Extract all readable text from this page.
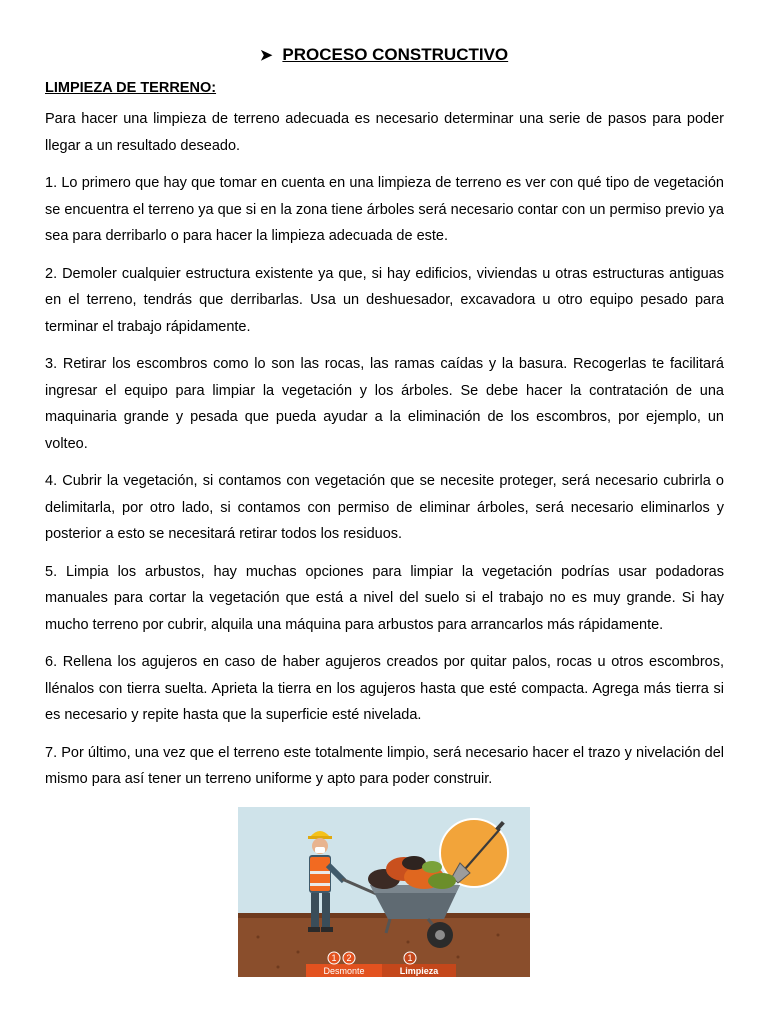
➤ PROCESO CONSTRUCTIVO
LIMPIEZA DE TERRENO:

Para hacer una limpieza de terreno adecuada es necesario determinar una serie de pasos para poder llegar a un resultado deseado.

1. Lo primero que hay que tomar en cuenta en una limpieza de terreno es ver con qué tipo de vegetación se encuentra el terreno ya que si en la zona tiene árboles será necesario contar con un permiso previo ya sea para derribarlo o para hacer la limpieza adecuada de este.

2. Demoler cualquier estructura existente ya que, si hay edificios, viviendas u otras estructuras antiguas en el terreno, tendrás que derribarlas. Usa un deshuesador, excavadora u otro equipo pesado para terminar el trabajo rápidamente.

3. Retirar los escombros como lo son las rocas, las ramas caídas y la basura. Recogerlas te facilitará ingresar el equipo para limpiar la vegetación y los árboles. Se debe hacer la contratación de una maquinaria grande y pesada que pueda ayudar a la eliminación de los escombros, por ejemplo, un volteo.

4. Cubrir la vegetación, si contamos con vegetación que se necesite proteger, será necesario cubrirla o delimitarla, por otro lado, si contamos con permiso de eliminar árboles, será necesario eliminarlos y posterior a esto se necesitará retirar todos los residuos.

5. Limpia los arbustos, hay muchas opciones para limpiar la vegetación podrías usar podadoras manuales para cortar la vegetación que está a nivel del suelo si el trabajo no es muy grande. Si hay mucho terreno por cubrir, alquila una máquina para arbustos para arrancarlos más rápidamente.

6. Rellena los agujeros en caso de haber agujeros creados por quitar palos, rocas u otros escombros, llénalos con tierra suelta. Aprieta la tierra en los agujeros hasta que esté compacta. Agrega más tierra si es necesario y repite hasta que la superficie esté nivelada.

7. Por último, una vez que el terreno este totalmente limpio, será necesario hacer el trazo y nivelación del mismo para así tener un terreno uniforme y apto para poder construir.

1 2	1
Desmonte	Limpieza
